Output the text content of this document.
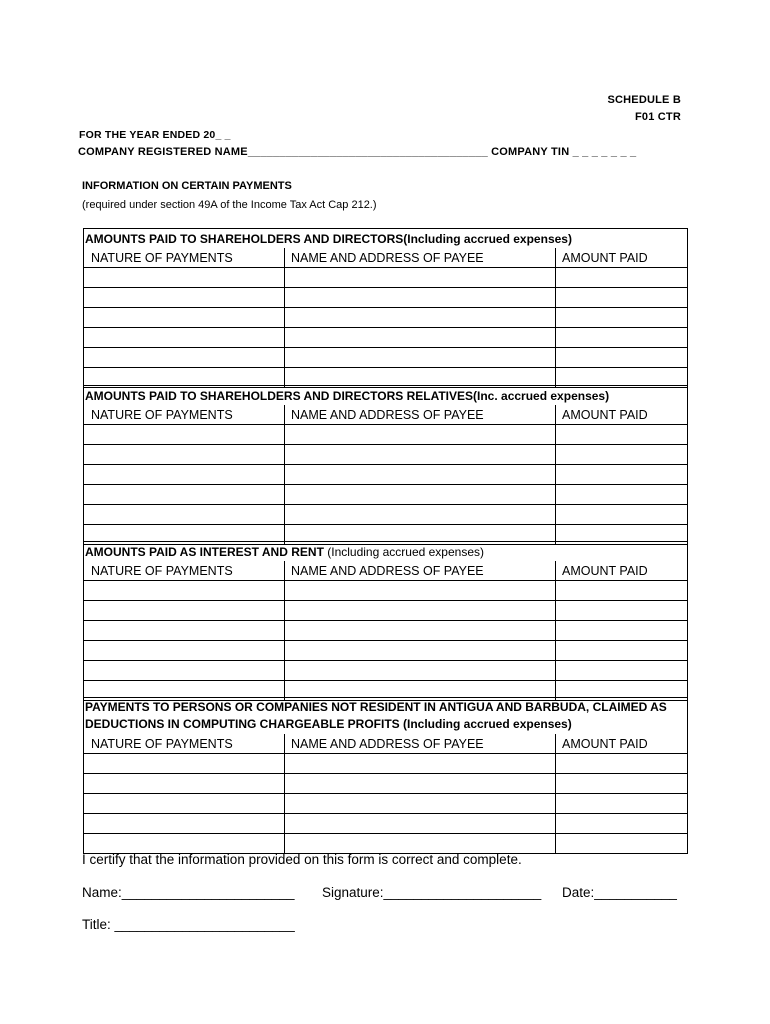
SCHEDULE B
F01 CTR
FOR THE YEAR ENDED 20_ _
COMPANY REGISTERED NAME______________________________________ COMPANY TIN _ _ _ _ _ _ _
INFORMATION ON CERTAIN PAYMENTS
(required under section 49A of the Income Tax Act Cap 212.)
AMOUNTS PAID TO SHAREHOLDERS AND DIRECTORS(Including accrued expenses)		
NATURE OF PAYMENTS	NAME AND ADDRESS OF PAYEE	AMOUNT PAID

AMOUNTS PAID TO SHAREHOLDERS AND DIRECTORS RELATIVES(Inc. accrued expenses)		
NATURE OF PAYMENTS	NAME AND ADDRESS OF PAYEE	AMOUNT PAID

AMOUNTS PAID AS INTEREST AND RENT (Including accrued expenses)		
NATURE OF PAYMENTS	NAME AND ADDRESS OF PAYEE	AMOUNT PAID

PAYMENTS TO PERSONS OR COMPANIES NOT RESIDENT IN ANTIGUA AND BARBUDA, CLAIMED AS DEDUCTIONS IN COMPUTING CHARGEABLE PROFITS (Including accrued expenses)		
NATURE OF PAYMENTS	NAME AND ADDRESS OF PAYEE	AMOUNT PAID

I certify that the information provided on this form is correct and complete.
Name:_______________________ Signature:_____________________ Date:___________
Title: ________________________
